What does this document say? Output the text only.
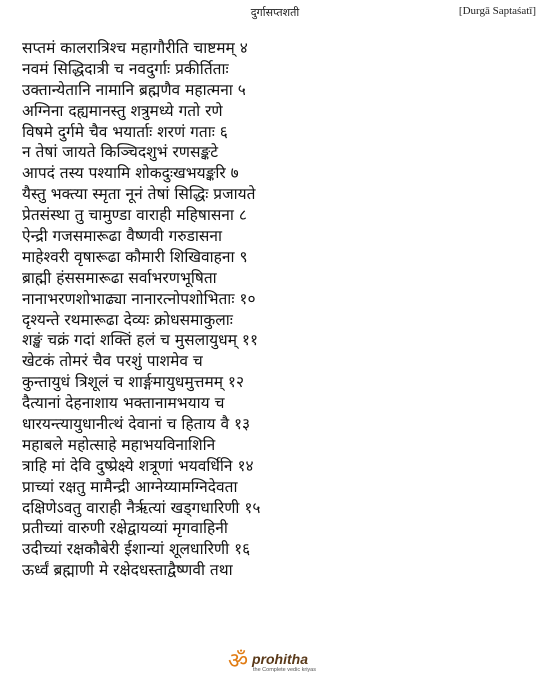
दुर्गासप्तशती	[Durgā Saptaśatī]
सप्तमं कालरात्रिश्च महागौरीति चाष्टमम् ४
नवमं सिद्धिदात्री च नवदुर्गाः प्रकीर्तिताः
उक्तान्येतानि नामानि ब्रह्मणैव महात्मना ५
अग्निना दह्यमानस्तु शत्रुमध्ये गतो रणे
विषमे दुर्गमे चैव भयार्ताः शरणं गताः ६
न तेषां जायते किञ्चिदशुभं रणसङ्कटे
आपदं तस्य पश्यामि शोकदुःखभयङ्करि ७
यैस्तु भक्त्या स्मृता नूनं तेषां सिद्धिः प्रजायते
प्रेतसंस्था तु चामुण्डा वाराही महिषासना ८
ऐन्द्री गजसमारूढा वैष्णवी गरुडासना
माहेश्वरी वृषारूढा कौमारी शिखिवाहना ९
ब्राह्मी हंससमारूढा सर्वाभरणभूषिता
नानाभरणशोभाढ्या नानारत्नोपशोभिताः १०
दृश्यन्ते रथमारूढा देव्यः क्रोधसमाकुलाः
शङ्खं चक्रं गदां शक्तिं हलं च मुसलायुधम् ११
खेटकं तोमरं चैव परशुं पाशमेव च
कुन्तायुधं त्रिशूलं च शार्ङ्गमायुधमुत्तमम् १२
दैत्यानां देहनाशाय भक्तानामभयाय च
धारयन्त्यायुधानीत्थं देवानां च हिताय वै १३
महाबले महोत्साहे महाभयविनाशिनि
त्राहि मां देवि दुष्प्रेक्ष्ये शत्रूणां भयवर्धिनि १४
प्राच्यां रक्षतु मामैन्द्री आग्नेय्यामग्निदेवता
दक्षिणेऽवतु वाराही नैरृत्यां खड्गधारिणी १५
प्रतीच्यां वारुणी रक्षेद्वायव्यां मृगवाहिनी
उदीच्यां रक्षकौबेरी ईशान्यां शूलधारिणी १६
ऊर्ध्वं ब्रह्माणी मे रक्षेदधस्ताद्वैष्णवी तथा
ॐ prohitha
the Complete vedic kriyas
